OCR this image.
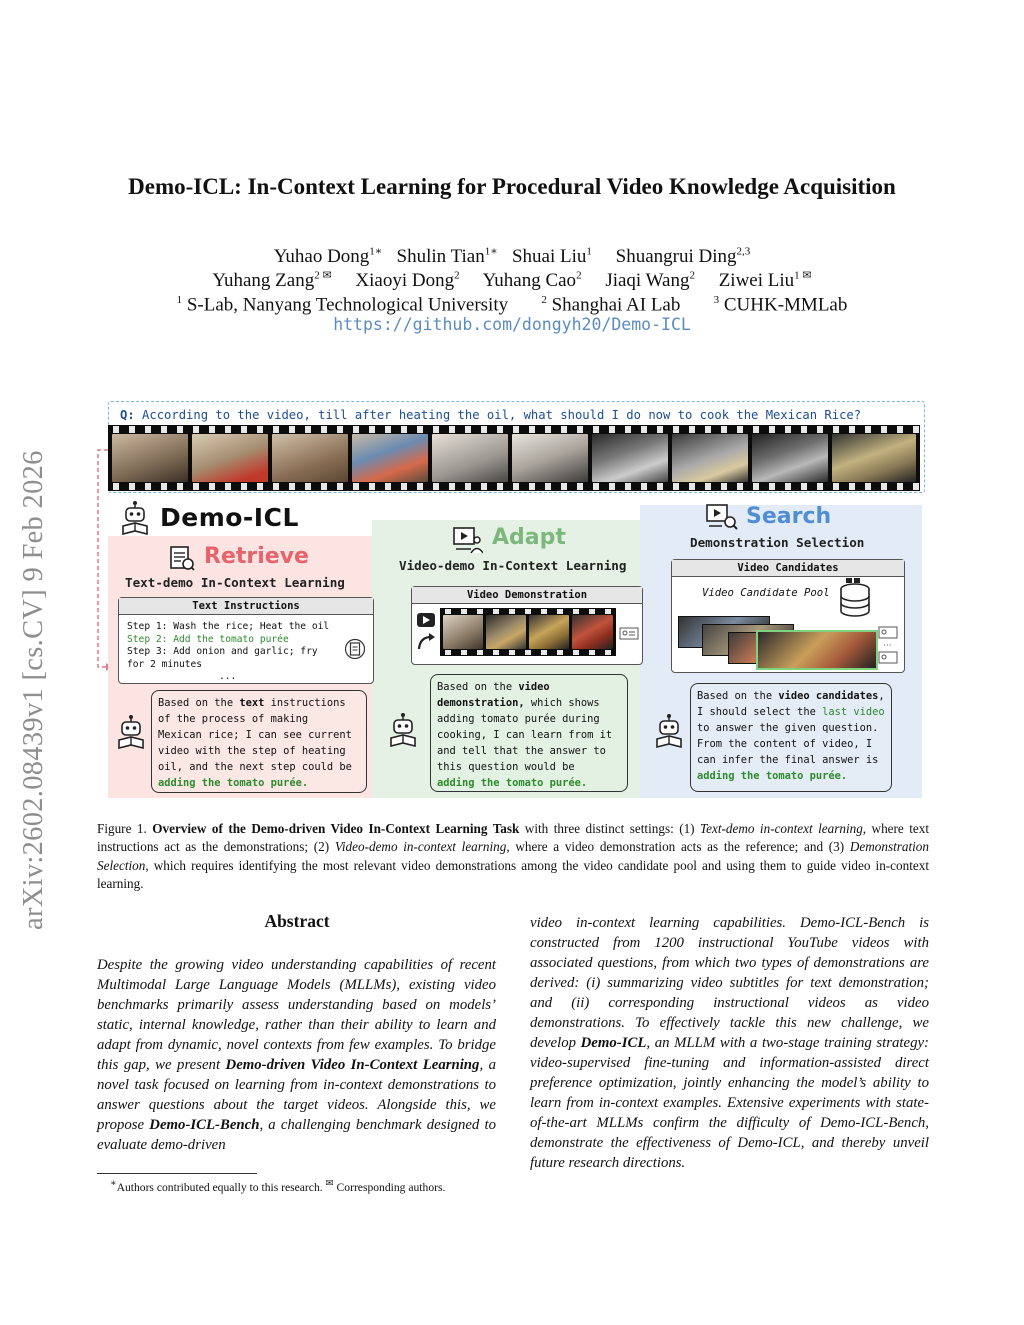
arXiv:2602.08439v1 [cs.CV] 9 Feb 2026
Demo-ICL: In-Context Learning for Procedural Video Knowledge Acquisition
Yuhao Dong$^{1∗}$ Shulin Tian$^{1∗}$ Shuai Liu$^1$ Shuangrui Ding$^{2,3}$
Yuhang Zang$^{2 ✉}$ Xiaoyi Dong$^2$ Yuhang Cao$^2$ Jiaqi Wang$^2$ Ziwei Liu$^{1 ✉}$
$^1$ S-Lab, Nanyang Technological University	$^2$ Shanghai AI Lab	$^3$ CUHK-MMLab
https://github.com/dongyh20/Demo-ICL
Q: According to the video, till after heating the oil, what should I do now to cook the Mexican Rice?
Demo-ICL
Retrieve
Text-demo In-Context Learning
Text Instructions
Step 1: Wash the rice; Heat the oil
Step 2: Add the tomato purée
Step 3: Add onion and garlic; fry
for 2 minutes
...
Based on the text instructions
of the process of making
Mexican rice; I can see current
video with the step of heating
oil, and the next step could be
adding the tomato purée.
Adapt
Video-demo In-Context Learning
Video Demonstration
Based on the video
demonstration, which shows
adding tomato purée during
cooking, I can learn from it
and tell that the answer to
this question would be
adding the tomato purée.
Search
Demonstration Selection
Video Candidates
Video Candidate Pool
···
Based on the video candidates,
I should select the last video
to answer the given question.
From the content of video, I
can infer the final answer is
adding the tomato purée.
Figure 1. Overview of the Demo-driven Video In-Context Learning Task with three distinct settings: (1) Text-demo in-context learning, where text instructions act as the demonstrations; (2) Video-demo in-context learning, where a video demonstration acts as the reference; and (3) Demonstration Selection, which requires identifying the most relevant video demonstrations among the video candidate pool and using them to guide video in-context learning.
Abstract
Despite the growing video understanding capabilities of recent Multimodal Large Language Models (MLLMs), existing video benchmarks primarily assess understanding based on models’ static, internal knowledge, rather than their ability to learn and adapt from dynamic, novel contexts from few examples. To bridge this gap, we present Demo-driven Video In-Context Learning, a novel task focused on learning from in-context demonstrations to answer questions about the target videos. Alongside this, we propose Demo-ICL-Bench, a challenging benchmark designed to evaluate demo-driven
video in-context learning capabilities. Demo-ICL-Bench is constructed from 1200 instructional YouTube videos with associated questions, from which two types of demonstrations are derived: (i) summarizing video subtitles for text demonstration; and (ii) corresponding instructional videos as video demonstrations. To effectively tackle this new challenge, we develop Demo-ICL, an MLLM with a two-stage training strategy: video-supervised fine-tuning and information-assisted direct preference optimization, jointly enhancing the model’s ability to learn from in-context examples. Extensive experiments with state-of-the-art MLLMs confirm the difficulty of Demo-ICL-Bench, demonstrate the effectiveness of Demo-ICL, and thereby unveil future research directions.
∗Authors contributed equally to this research. ✉ Corresponding authors.
